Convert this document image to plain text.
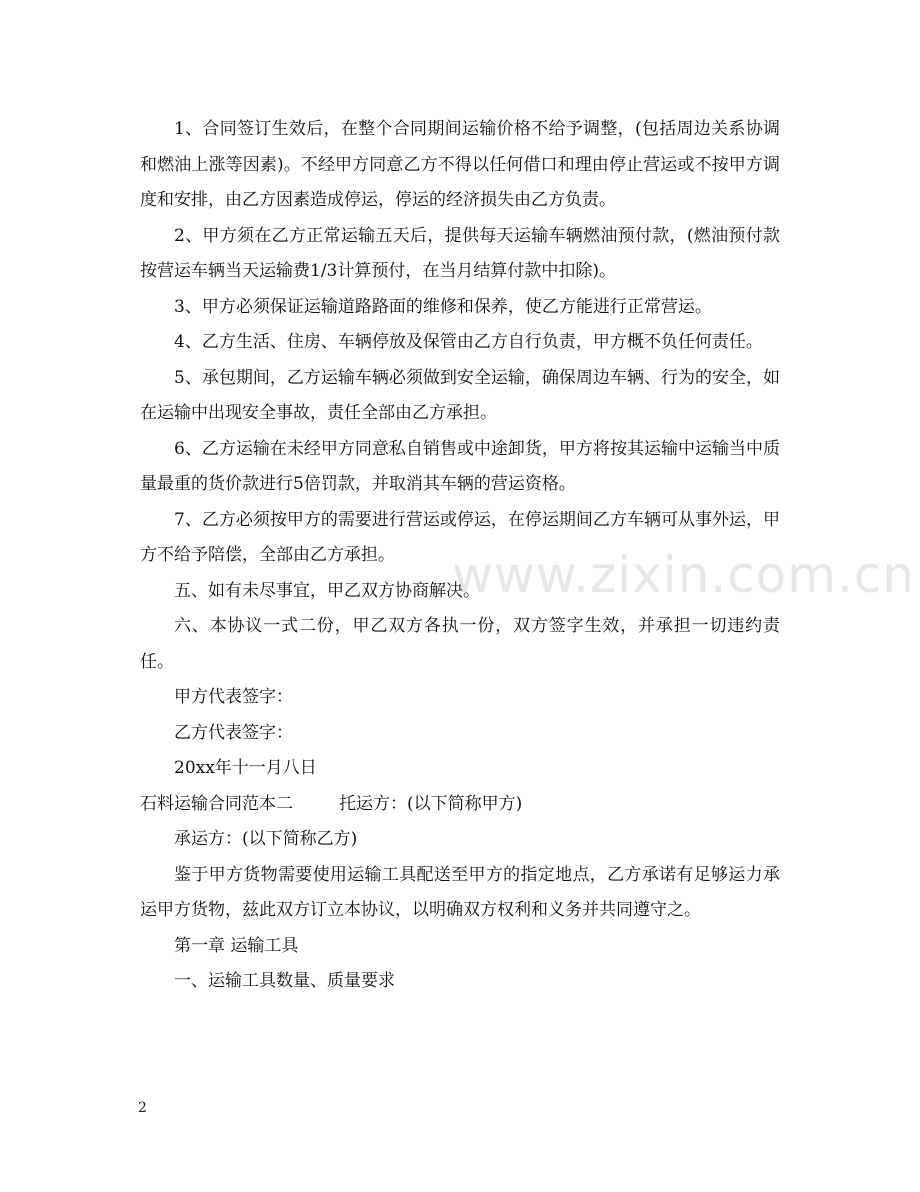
1、合同签订生效后，在整个合同期间运输价格不给予调整，(包括周边关系协调和燃油上涨等因素)。不经甲方同意乙方不得以任何借口和理由停止营运或不按甲方调度和安排，由乙方因素造成停运，停运的经济损失由乙方负责。

2、甲方须在乙方正常运输五天后，提供每天运输车辆燃油预付款，(燃油预付款按营运车辆当天运输费1/3计算预付，在当月结算付款中扣除)。

3、甲方必须保证运输道路路面的维修和保养，使乙方能进行正常营运。

4、乙方生活、住房、车辆停放及保管由乙方自行负责，甲方概不负任何责任。

5、承包期间，乙方运输车辆必须做到安全运输，确保周边车辆、行为的安全，如在运输中出现安全事故，责任全部由乙方承担。

6、乙方运输在未经甲方同意私自销售或中途卸货，甲方将按其运输中运输当中质量最重的货价款进行5倍罚款，并取消其车辆的营运资格。

7、乙方必须按甲方的需要进行营运或停运，在停运期间乙方车辆可从事外运，甲方不给予陪偿，全部由乙方承担。

五、如有未尽事宜，甲乙双方协商解决。

六、本协议一式二份，甲乙双方各执一份，双方签字生效，并承担一切违约责任。

甲方代表签字：

乙方代表签字：

20xx年十一月八日

石料运输合同范本二	托运方：(以下简称甲方)

承运方：(以下简称乙方)

鉴于甲方货物需要使用运输工具配送至甲方的指定地点，乙方承诺有足够运力承运甲方货物，兹此双方订立本协议，以明确双方权利和义务并共同遵守之。

第一章 运输工具

一、运输工具数量、质量要求

www.zixin.com.cn
2
